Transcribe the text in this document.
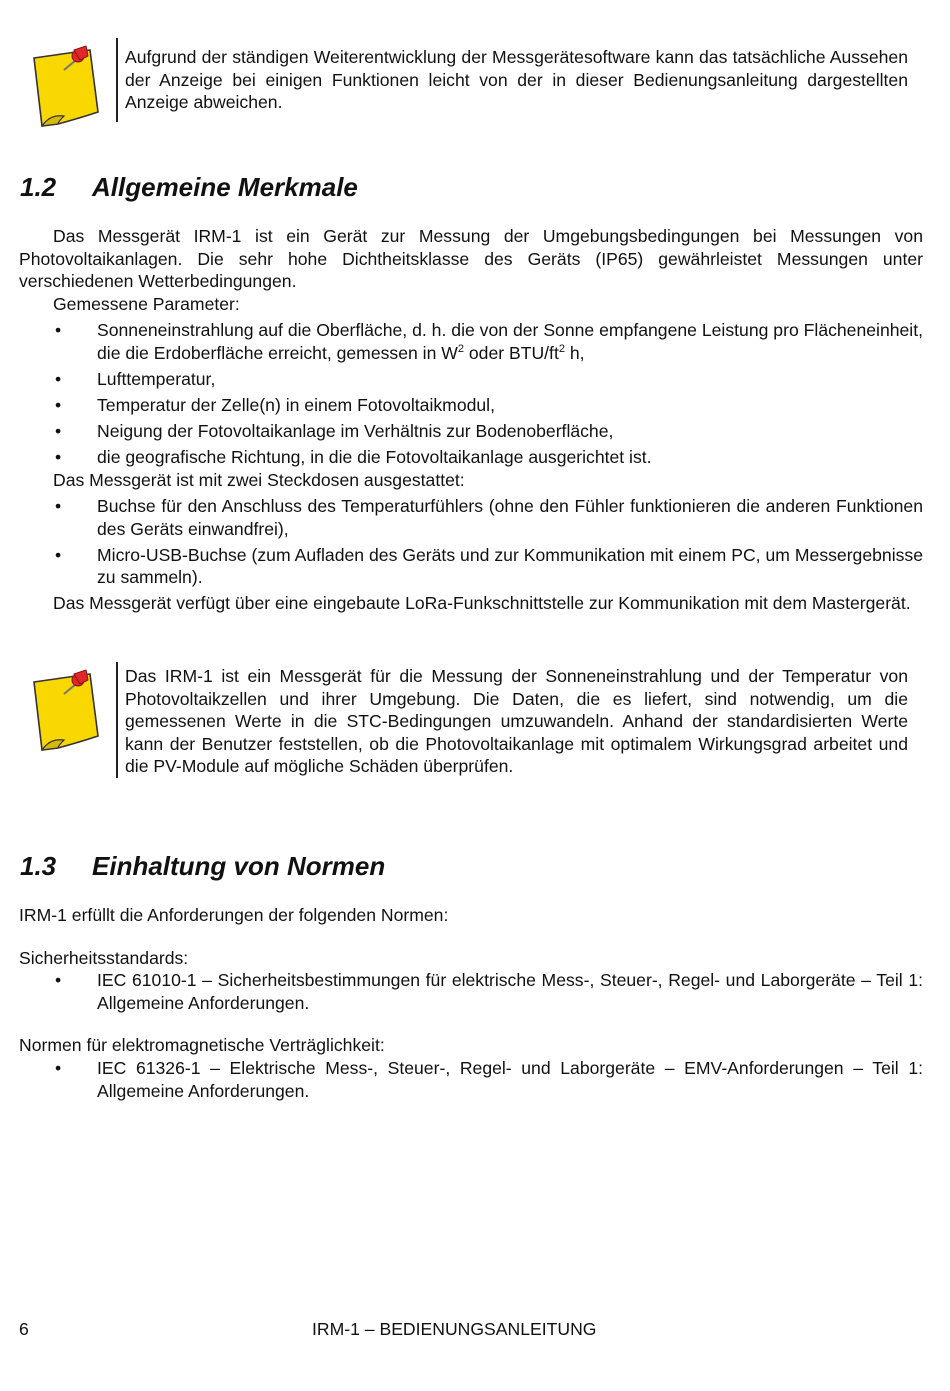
Aufgrund der ständigen Weiterentwicklung der Messgerätesoftware kann das tatsächliche Aussehen der Anzeige bei einigen Funktionen leicht von der in dieser Bedienungsanleitung dargestellten Anzeige abweichen.
1.2 Allgemeine Merkmale

Das Messgerät IRM-1 ist ein Gerät zur Messung der Umgebungsbedingungen bei Messungen von Photovoltaikanlagen. Die sehr hohe Dichtheitsklasse des Geräts (IP65) gewährleistet Messungen unter verschiedenen Wetterbedingungen.

Gemessene Parameter:

• Sonneneinstrahlung auf die Oberfläche, d. h. die von der Sonne empfangene Leistung pro Flächeneinheit, die die Erdoberfläche erreicht, gemessen in $W^2$ oder BTU/$ft^2$ h,
• Lufttemperatur,
• Temperatur der Zelle(n) in einem Fotovoltaikmodul,
• Neigung der Fotovoltaikanlage im Verhältnis zur Bodenoberfläche,
• die geografische Richtung, in die die Fotovoltaikanlage ausgerichtet ist.

Das Messgerät ist mit zwei Steckdosen ausgestattet:

• Buchse für den Anschluss des Temperaturfühlers (ohne den Fühler funktionieren die anderen Funktionen des Geräts einwandfrei),
• Micro-USB-Buchse (zum Aufladen des Geräts und zur Kommunikation mit einem PC, um Messergebnisse zu sammeln).

Das Messgerät verfügt über eine eingebaute LoRa-Funkschnittstelle zur Kommunikation mit dem Mastergerät.

Das IRM-1 ist ein Messgerät für die Messung der Sonneneinstrahlung und der Temperatur von Photovoltaikzellen und ihrer Umgebung. Die Daten, die es liefert, sind notwendig, um die gemessenen Werte in die STC-Bedingungen umzuwandeln. Anhand der standardisierten Werte kann der Benutzer feststellen, ob die Photovoltaikanlage mit optimalem Wirkungsgrad arbeitet und die PV-Module auf mögliche Schäden überprüfen.
1.3 Einhaltung von Normen

IRM-1 erfüllt die Anforderungen der folgenden Normen:

Sicherheitsstandards:

• IEC 61010-1 – Sicherheitsbestimmungen für elektrische Mess-, Steuer-, Regel- und Laborgeräte – Teil 1: Allgemeine Anforderungen.

Normen für elektromagnetische Verträglichkeit:

• IEC 61326-1 – Elektrische Mess-, Steuer-, Regel- und Laborgeräte – EMV-Anforderungen – Teil 1: Allgemeine Anforderungen.
6	IRM-1 – BEDIENUNGSANLEITUNG
